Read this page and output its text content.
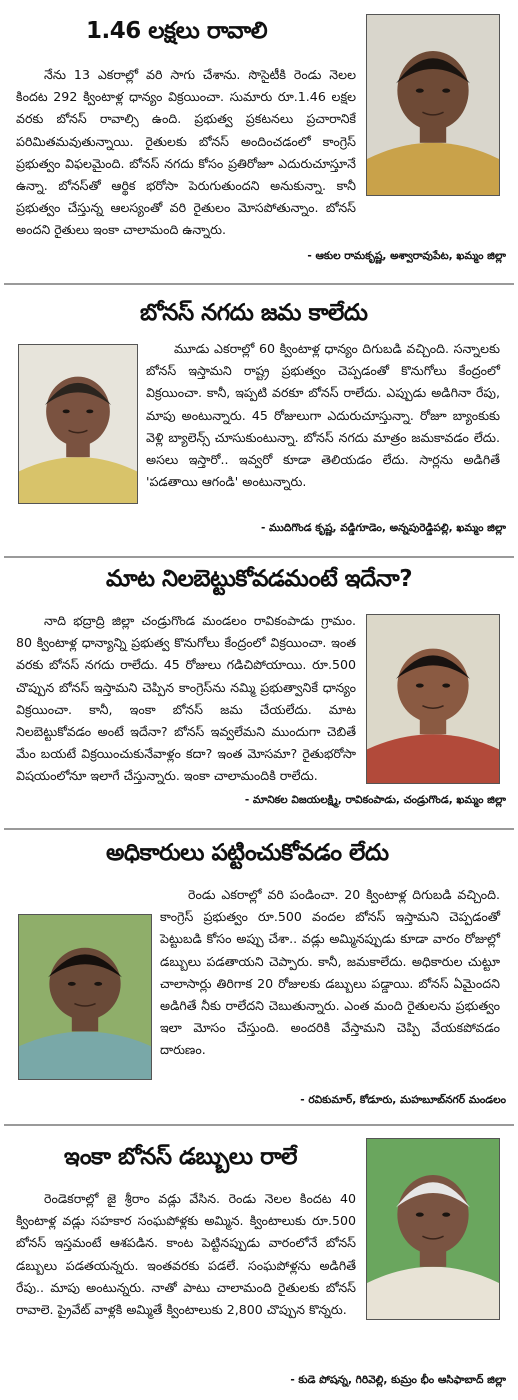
1.46 లక్షలు రావాలి

నేను 13 ఎకరాల్లో వరి సాగు చేశాను. సొసైటీకి రెండు నెలల కిందట 292 క్వింటాళ్ల ధాన్యం విక్రయించా. సుమారు రూ.1.46 లక్షల వరకు బోనస్ రావాల్సి ఉంది. ప్రభుత్వ ప్రకటనలు ప్రచారానికే పరిమితమవుతున్నాయి. రైతులకు బోనస్ అందించడంలో కాంగ్రెస్ ప్రభుత్వం విఫలమైంది. బోనస్ నగదు కోసం ప్రతిరోజూ ఎదురుచూస్తూనే ఉన్నా. బోనస్‌తో ఆర్థిక భరోసా పెరుగుతుందని అనుకున్నా. కానీ ప్రభుత్వం చేస్తున్న ఆలస్యంతో వరి రైతులం మోసపోతున్నాం. బోనస్ అందని రైతులు ఇంకా చాలామంది ఉన్నారు.

- ఆకుల రామకృష్ణ, అశ్వారావుపేట, ఖమ్మం జిల్లా
బోనస్ నగదు జమ కాలేదు

మూడు ఎకరాల్లో 60 క్వింటాళ్ల ధాన్యం దిగుబడి వచ్చింది. సన్నాలకు బోనస్ ఇస్తామని రాష్ట్ర ప్రభుత్వం చెప్పడంతో కొనుగోలు కేంద్రంలో విక్రయించా. కానీ, ఇప్పటి వరకూ బోనస్ రాలేదు. ఎప్పుడు అడిగినా రేపు, మాపు అంటున్నారు. 45 రోజులుగా ఎదురుచూస్తున్నా. రోజూ బ్యాంకుకు వెళ్లి బ్యాలెన్స్ చూసుకుంటున్నా. బోనస్ నగదు మాత్రం జమకావడం లేదు. అసలు ఇస్తారో.. ఇవ్వరో కూడా తెలియడం లేదు. సార్లను అడిగితే 'పడతాయి ఆగండి' అంటున్నారు.

- ముదిగొండ కృష్ణ, వడ్డిగూడెం, అన్నపురెడ్డిపల్లి, ఖమ్మం జిల్లా
మాట నిలబెట్టుకోవడమంటే ఇదేనా?

నాది భద్రాద్రి జిల్లా చండ్రుగొండ మండలం రావికంపాడు గ్రామం. 80 క్వింటాళ్ల ధాన్యాన్ని ప్రభుత్వ కొనుగోలు కేంద్రంలో విక్రయించా. ఇంత వరకు బోనస్ నగదు రాలేదు. 45 రోజులు గడిచిపోయాయి. రూ.500 చొప్పున బోనస్ ఇస్తామని చెప్పిన కాంగ్రెస్‌ను నమ్మి ప్రభుత్వానికే ధాన్యం విక్రయించా. కానీ, ఇంకా బోనస్ జమ చేయలేదు. మాట నిలబెట్టుకోవడం అంటే ఇదేనా? బోనస్ ఇవ్వలేమని ముందుగా చెబితే మేం బయటే విక్రయించుకునేవాళ్లం కదా? ఇంత మోసమా? రైతుభరోసా విషయంలోనూ ఇలాగే చేస్తున్నారు. ఇంకా చాలామందికి రాలేదు.

- మానికల విజయలక్ష్మి, రావికంపాడు, చండ్రుగొండ, ఖమ్మం జిల్లా
అధికారులు పట్టించుకోవడం లేదు

రెండు ఎకరాల్లో వరి పండించా. 20 క్వింటాళ్ల దిగుబడి వచ్చింది. కాంగ్రెస్ ప్రభుత్వం రూ.500 వందల బోనస్ ఇస్తామని చెప్పడంతో పెట్టుబడి కోసం అప్పు చేశా.. వడ్లు అమ్మినప్పుడు కూడా వారం రోజుల్లో డబ్బులు పడతాయని చెప్పారు. కానీ, జమకాలేదు. అధికారుల చుట్టూ చాలాసార్లు తిరిగాక 20 రోజులకు డబ్బులు పడ్డాయి. బోనస్ ఏమైందని అడిగితే నీకు రాలేదని చెబుతున్నారు. ఎంత మంది రైతులను ప్రభుత్వం ఇలా మోసం చేస్తుంది. అందరికి వేస్తామని చెప్పి వేయకపోవడం దారుణం.

- రవికుమార్, కోడూరు, మహబూబ్‌నగర్ మండలం
ఇంకా బోనస్ డబ్బులు రాలే

రెండెకరాల్లో జై శ్రీరాం వడ్లు వేసిన. రెండు నెలల కిందట 40 క్వింటాళ్ల వడ్లు సహకార సంఘపోళ్లకు అమ్మిన. క్వింటాలుకు రూ.500 బోనస్ ఇస్తమంటే ఆశపడిన. కాంట పెట్టినప్పుడు వారంలోనే బోనస్ డబ్బులు పడతయన్నరు. ఇంతవరకు పడలే. సంఘపోళ్లను అడిగితే రేపు.. మాపు అంటున్నరు. నాతో పాటు చాలామంది రైతులకు బోనస్ రావాలె. ప్రైవేట్ వాళ్లకి అమ్మితే క్వింటాలుకు 2,800 చొప్పున కొన్నరు.

- కుడె పోషన్న, గిరివెల్లి, కుమ్రం భీం ఆసిఫాబాద్ జిల్లా
